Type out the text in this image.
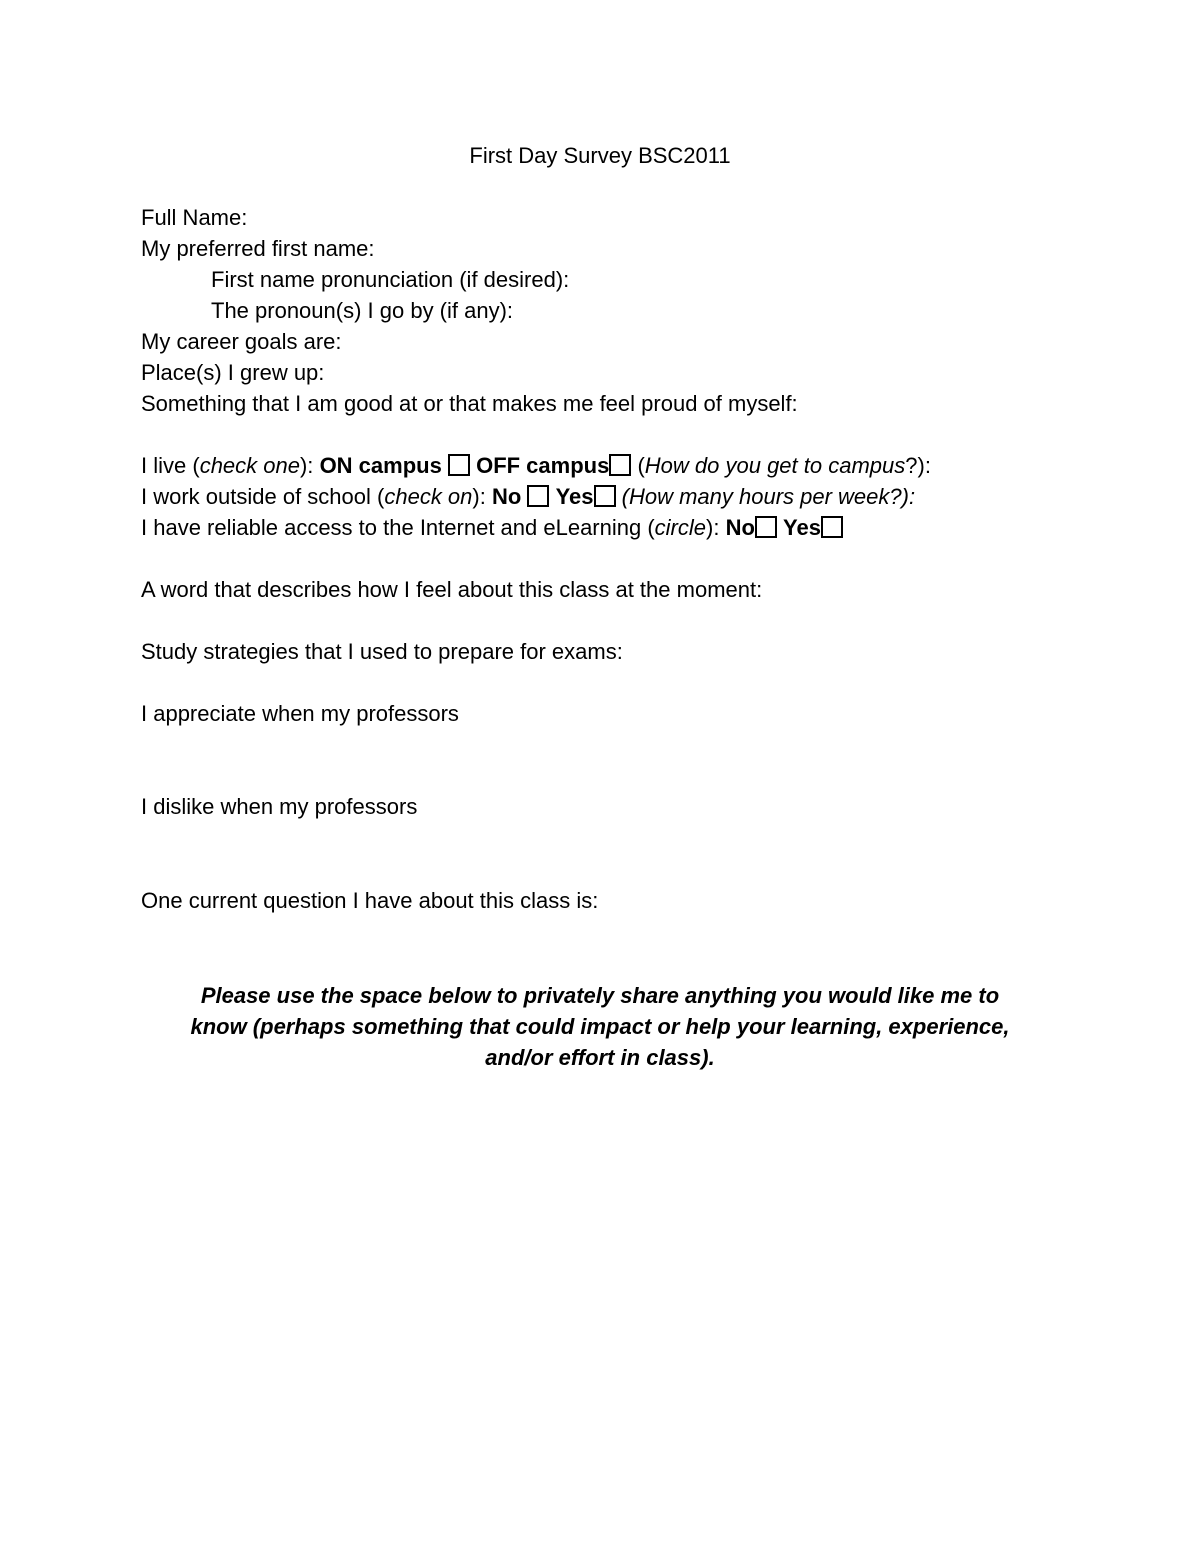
First Day Survey BSC2011
Full Name:
My preferred first name:
First name pronunciation (if desired):
The pronoun(s) I go by (if any):
My career goals are:
Place(s) I grew up:
Something that I am good at or that makes me feel proud of myself:
I live (check one): ON campus OFF campus (How do you get to campus?):
I work outside of school (check on): No Yes (How many hours per week?):
I have reliable access to the Internet and eLearning (circle): No Yes
A word that describes how I feel about this class at the moment:
Study strategies that I used to prepare for exams:
I appreciate when my professors
I dislike when my professors
One current question I have about this class is:
Please use the space below to privately share anything you would like me to
know (perhaps something that could impact or help your learning, experience,
and/or effort in class).
